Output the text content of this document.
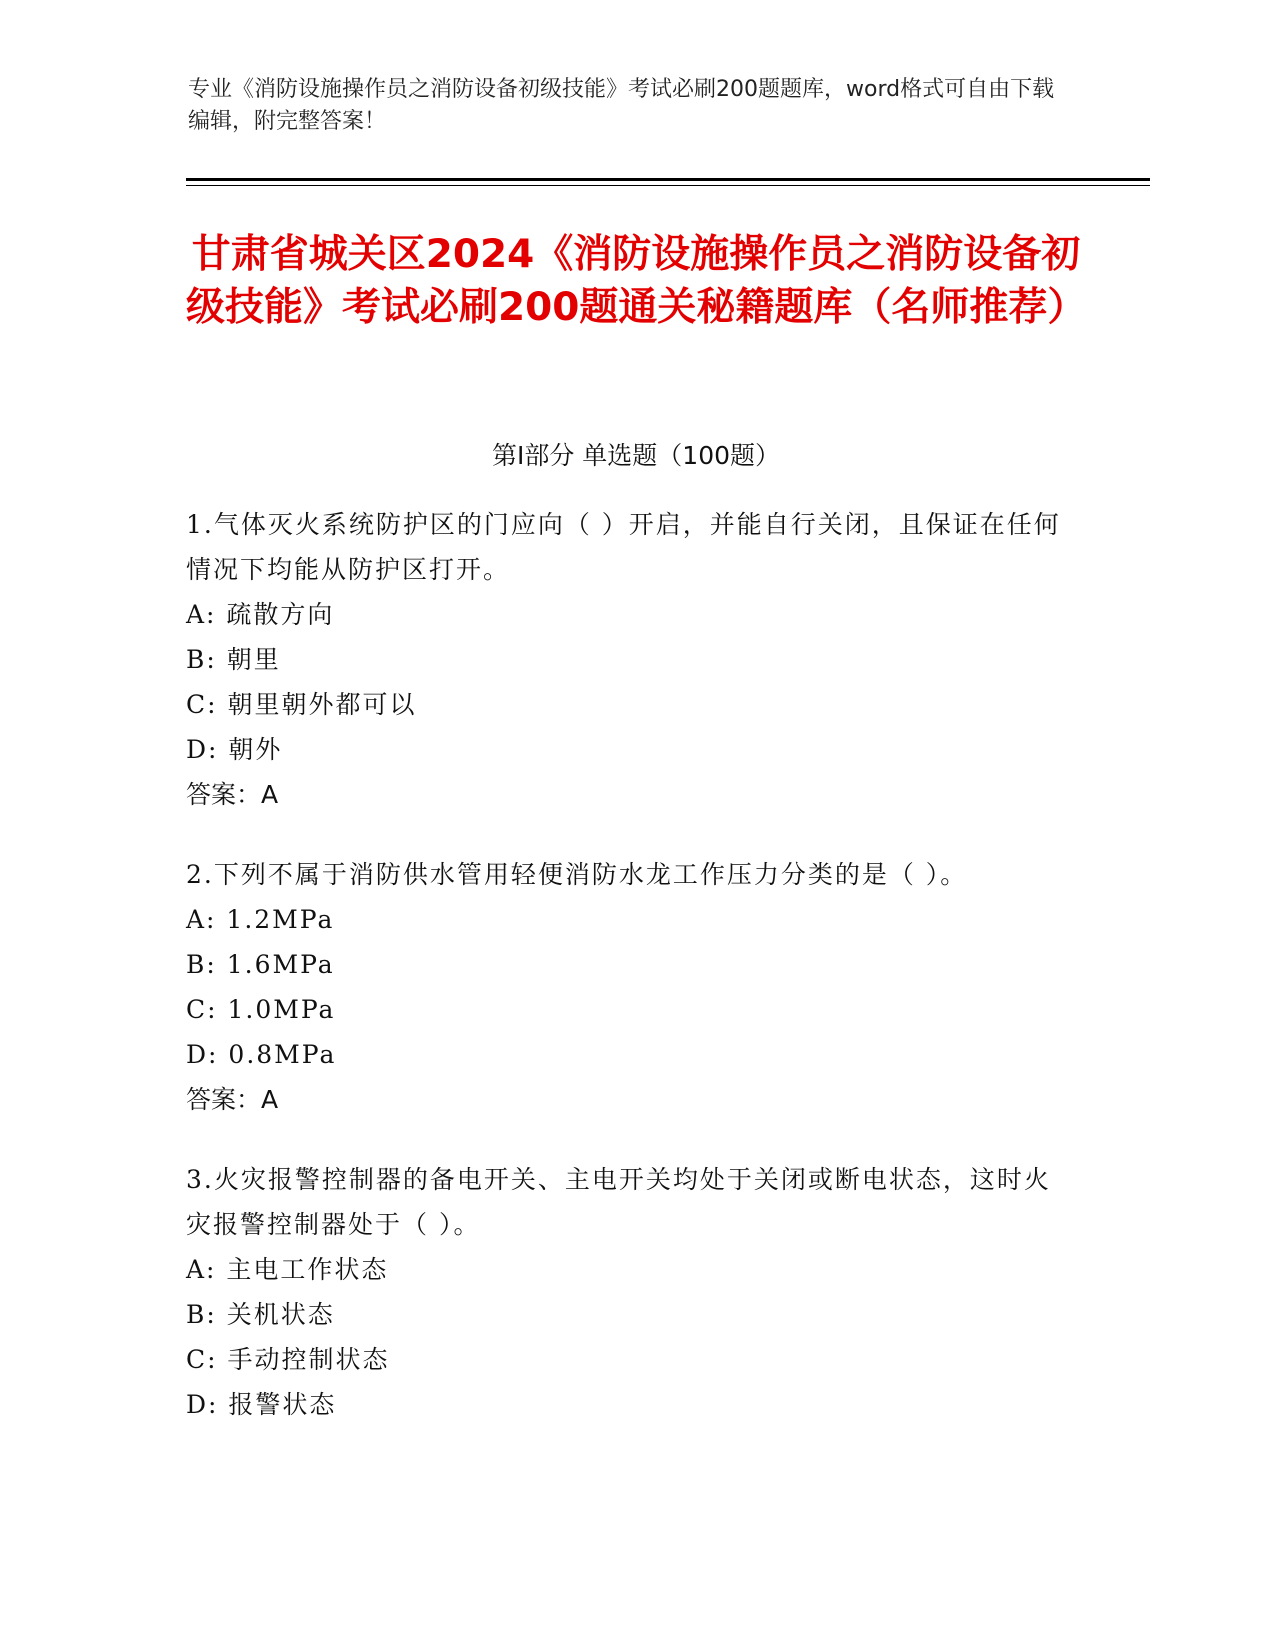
专业《消防设施操作员之消防设备初级技能》考试必刷200题题库，word格式可自由下载编辑，附完整答案！
甘肃省城关区2024《消防设施操作员之消防设备初级技能》考试必刷200题通关秘籍题库（名师推荐）
第I部分 单选题（100题）

1.气体灭火系统防护区的门应向（ ）开启，并能自行关闭，且保证在任何情况下均能从防护区打开。

A: 疏散方向

B: 朝里

C: 朝里朝外都可以

D: 朝外

答案：A

2.下列不属于消防供水管用轻便消防水龙工作压力分类的是（ ）。

A: 1.2MPa

B: 1.6MPa

C: 1.0MPa

D: 0.8MPa

答案：A

3.火灾报警控制器的备电开关、主电开关均处于关闭或断电状态，这时火灾报警控制器处于（ ）。

A: 主电工作状态

B: 关机状态

C: 手动控制状态

D: 报警状态
